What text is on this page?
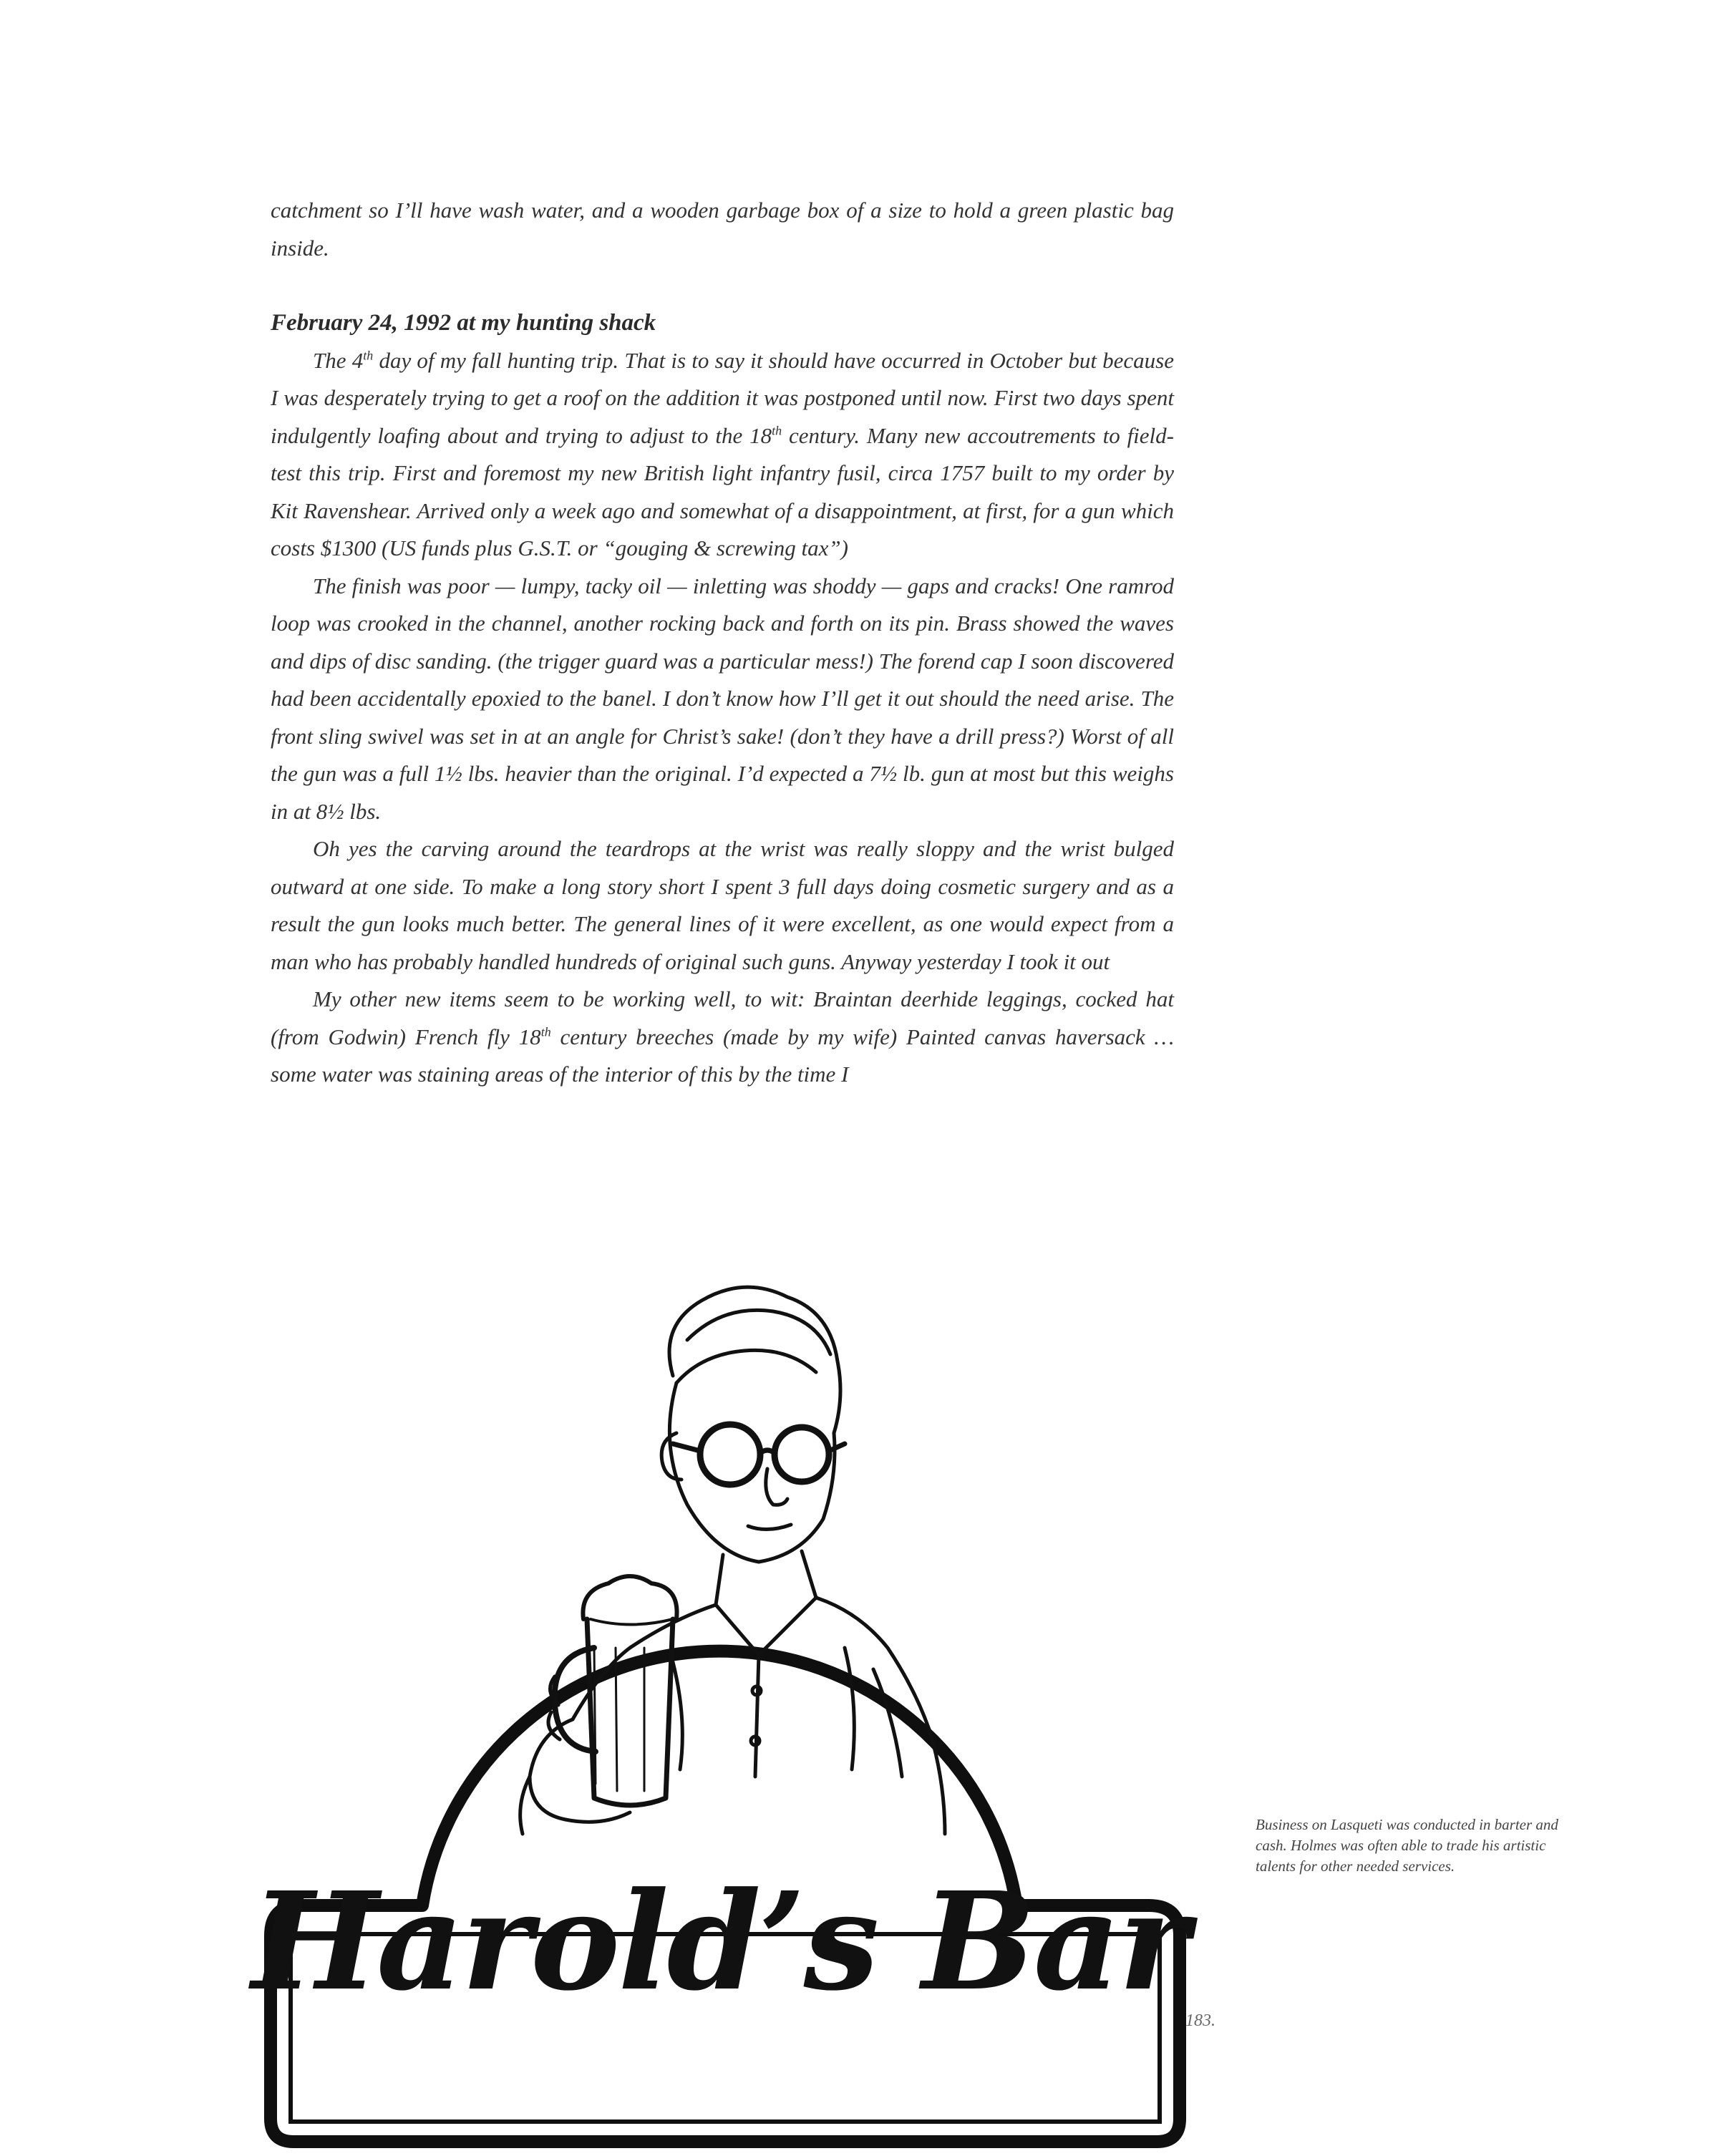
catchment so I’ll have wash water, and a wooden garbage box of a size to hold a green plastic bag inside.

February 24, 1992 at my hunting shack

The 4th day of my fall hunting trip. That is to say it should have occurred in October but because I was desperately trying to get a roof on the addition it was postponed until now. First two days spent indulgently loafing about and trying to adjust to the 18th century. Many new accoutrements to field-test this trip. First and foremost my new British light infantry fusil, circa 1757 built to my order by Kit Ravenshear. Arrived only a week ago and somewhat of a disappointment, at first, for a gun which costs $1300 (US funds plus G.S.T. or “gouging & screwing tax”)

The finish was poor — lumpy, tacky oil — inletting was shoddy — gaps and cracks! One ramrod loop was crooked in the channel, another rocking back and forth on its pin. Brass showed the waves and dips of disc sanding. (the trigger guard was a particular mess!) The forend cap I soon discovered had been accidentally epoxied to the banel. I don’t know how I’ll get it out should the need arise. The front sling swivel was set in at an angle for Christ’s sake! (don’t they have a drill press?) Worst of all the gun was a full 1½ lbs. heavier than the original. I’d expected a 7½ lb. gun at most but this weighs in at 8½ lbs.

Oh yes the carving around the teardrops at the wrist was really sloppy and the wrist bulged outward at one side. To make a long story short I spent 3 full days doing cosmetic surgery and as a result the gun looks much better. The general lines of it were excellent, as one would expect from a man who has probably handled hundreds of original such guns. Anyway yesterday I took it out

My other new items seem to be working well, to wit: Braintan deerhide leggings, cocked hat (from Godwin) French fly 18th century breeches (made by my wife) Painted canvas haversack … some water was staining areas of the interior of this by the time I

Harold’s Bar
Business on Lasqueti was conducted in barter and cash. Holmes was often able to trade his artistic talents for other needed services.
183.
